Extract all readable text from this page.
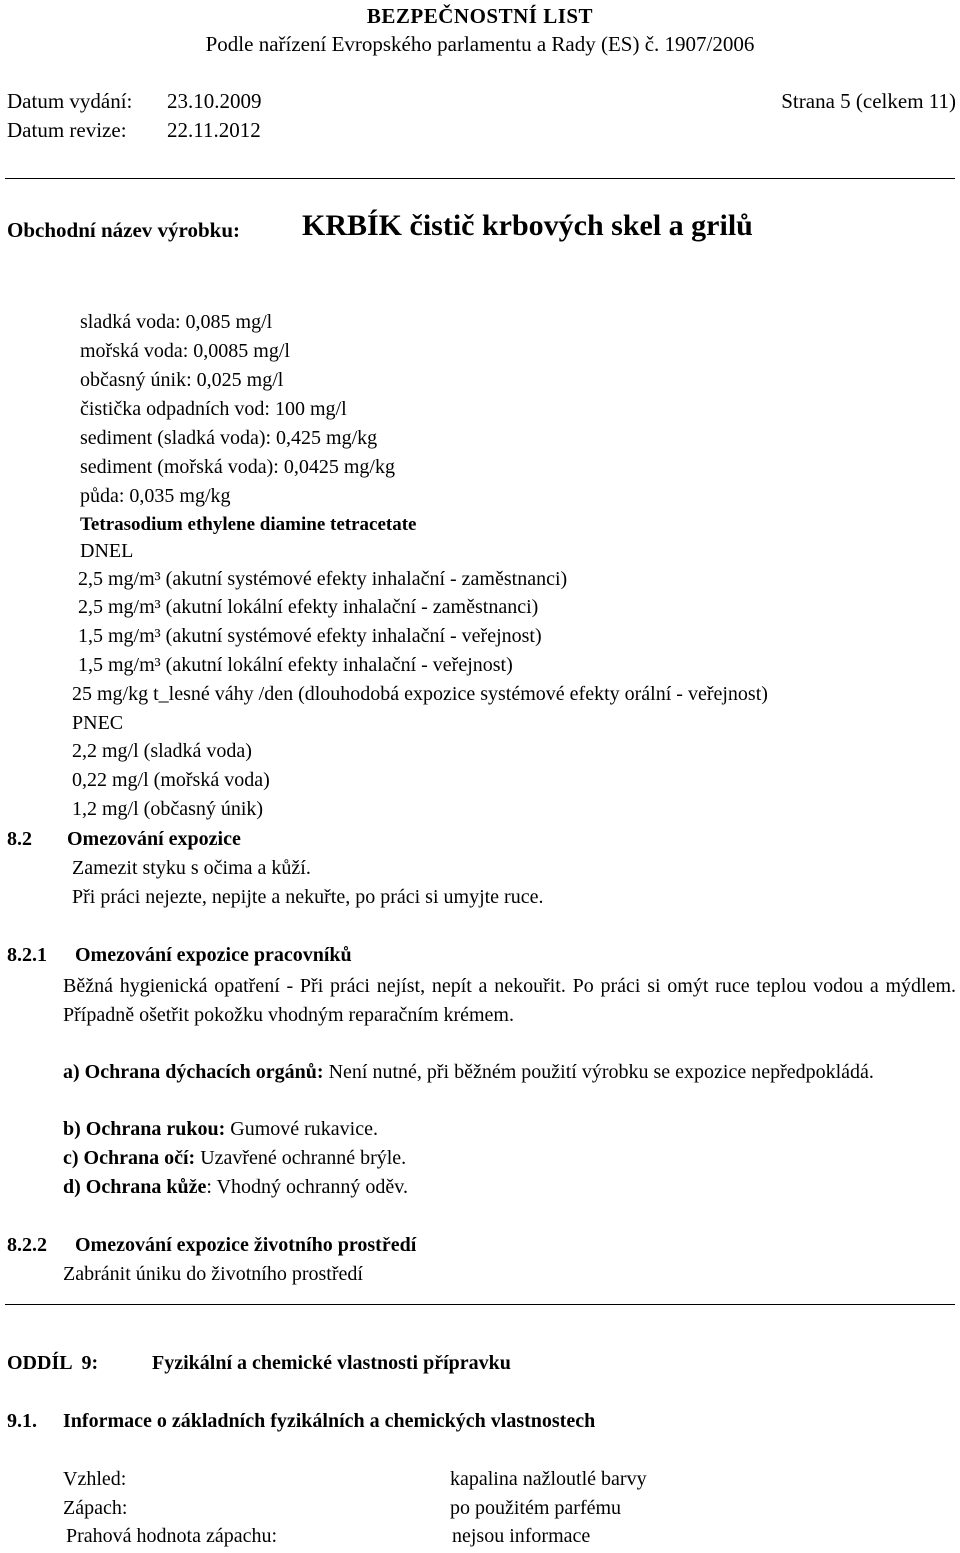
BEZPEČNOSTNÍ LIST
Podle nařízení Evropského parlamentu a Rady (ES) č. 1907/2006
Datum vydání: 23.10.2009	Strana 5 (celkem 11)
Datum revize: 22.11.2012
Obchodní název výrobku: KRBÍK čistič krbových skel a grilů
sladká voda: 0,085 mg/l
mořská voda: 0,0085 mg/l
občasný únik: 0,025 mg/l
čistička odpadních vod: 100 mg/l
sediment (sladká voda): 0,425 mg/kg
sediment (mořská voda): 0,0425 mg/kg
půda: 0,035 mg/kg
Tetrasodium ethylene diamine tetracetate
DNEL
2,5 mg/m³ (akutní systémové efekty inhalační - zaměstnanci)
2,5 mg/m³ (akutní lokální efekty inhalační - zaměstnanci)
1,5 mg/m³ (akutní systémové efekty inhalační - veřejnost)
1,5 mg/m³ (akutní lokální efekty inhalační - veřejnost)
25 mg/kg t_lesné váhy /den (dlouhodobá expozice systémové efekty orální - veřejnost)
PNEC
2,2 mg/l (sladká voda)
0,22 mg/l (mořská voda)
1,2 mg/l (občasný únik)
8.2 Omezování expozice
Zamezit styku s očima a kůží.
Při práci nejezte, nepijte a nekuřte, po práci si umyjte ruce.
8.2.1 Omezování expozice pracovníků
Běžná hygienická opatření - Při práci nejíst, nepít a nekouřit. Po práci si omýt ruce teplou vodou a mýdlem. Případně ošetřit pokožku vhodným reparačním krémem.
a) Ochrana dýchacích orgánů: Není nutné, při běžném použití výrobku se expozice nepředpokládá.
b) Ochrana rukou: Gumové rukavice.
c) Ochrana očí: Uzavřené ochranné brýle.
d) Ochrana kůže: Vhodný ochranný oděv.
8.2.2 Omezování expozice životního prostředí
Zabránit úniku do životního prostředí
ODDÍL  9:	Fyzikální a chemické vlastnosti přípravku
9.1. Informace o základních fyzikálních a chemických vlastnostech
Vzhled:	kapalina nažloutlé barvy
Zápach:	po použitém parfému
Prahová hodnota zápachu:	nejsou informace
